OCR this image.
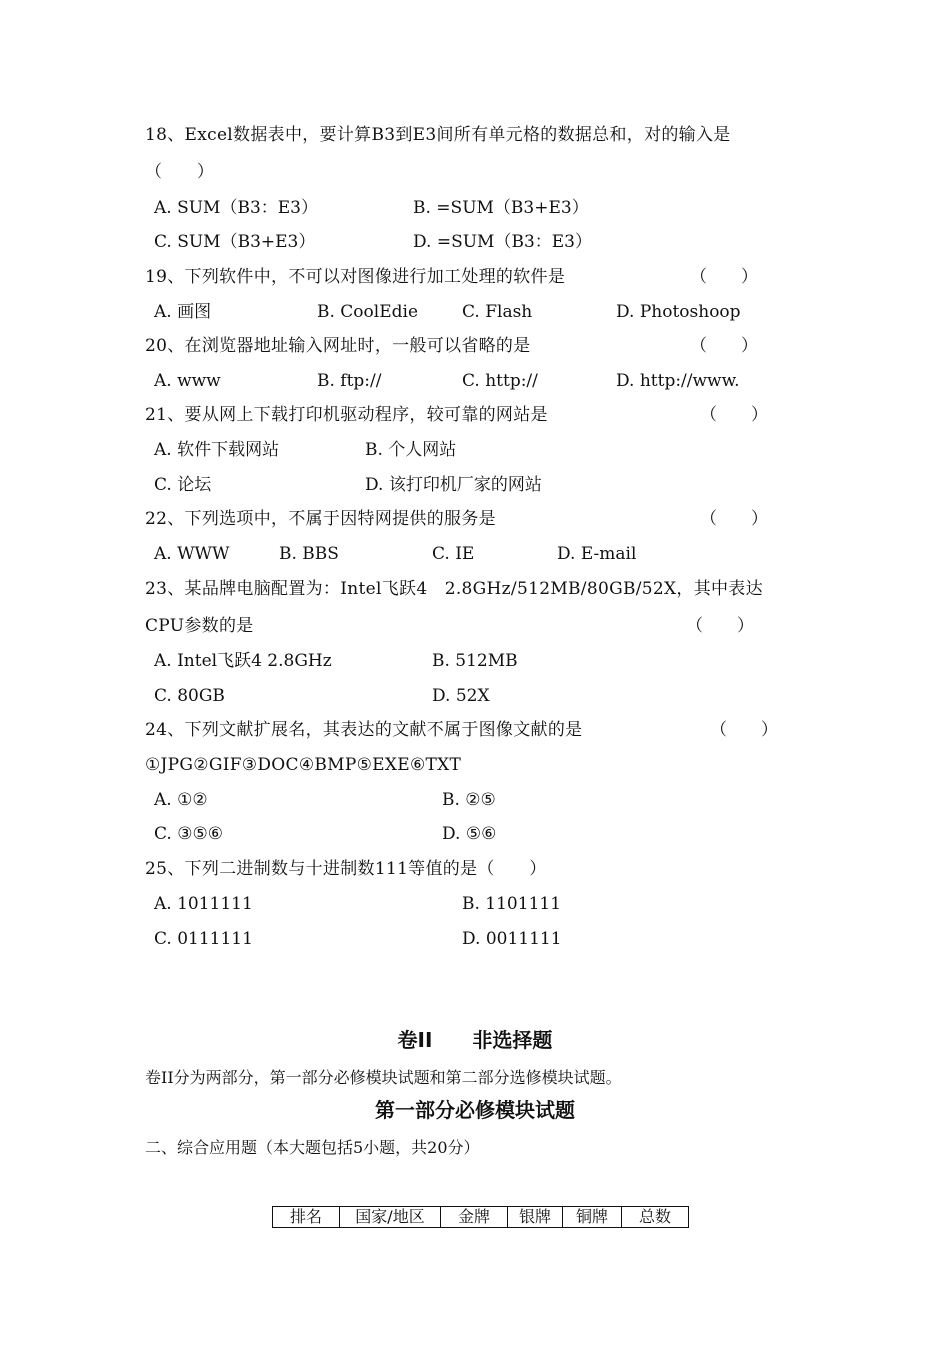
18、Excel数据表中，要计算B3到E3间所有单元格的数据总和，对的输入是
（　　）
A. SUM（B3：E3）	B. =SUM（B3+E3）
C. SUM（B3+E3）	D. =SUM（B3：E3）
19、下列软件中，不可以对图像进行加工处理的软件是	（　　）
A. 画图	B. CoolEdie	C. Flash	D. Photoshoop
20、在浏览器地址输入网址时，一般可以省略的是	（　　）
A. www	B. ftp://	C. http://	D. http://www.
21、要从网上下载打印机驱动程序，较可靠的网站是	（　　）
A. 软件下载网站	B. 个人网站
C. 论坛	D. 该打印机厂家的网站
22、下列选项中，不属于因特网提供的服务是	（　　）
A. WWW	B. BBS	C. IE	D. E-mail
23、某品牌电脑配置为：Intel飞跃4　2.8GHz/512MB/80GB/52X，其中表达
CPU参数的是	（　　）
A. Intel飞跃4 2.8GHz	B. 512MB
C. 80GB	D. 52X
24、下列文献扩展名，其表达的文献不属于图像文献的是	（　　）
①JPG②GIF③DOC④BMP⑤EXE⑥TXT
A. ①②	B. ②⑤
C. ③⑤⑥	D. ⑤⑥
25、下列二进制数与十进制数111等值的是（　　）
A. 1011111	B. 1101111
C. 0111111	D. 0011111
卷II　　非选择题
卷II分为两部分，第一部分必修模块试题和第二部分选修模块试题。
第一部分必修模块试题
二、综合应用题（本大题包括5小题，共20分）
排名	国家/地区	金牌	银牌	铜牌	总数
